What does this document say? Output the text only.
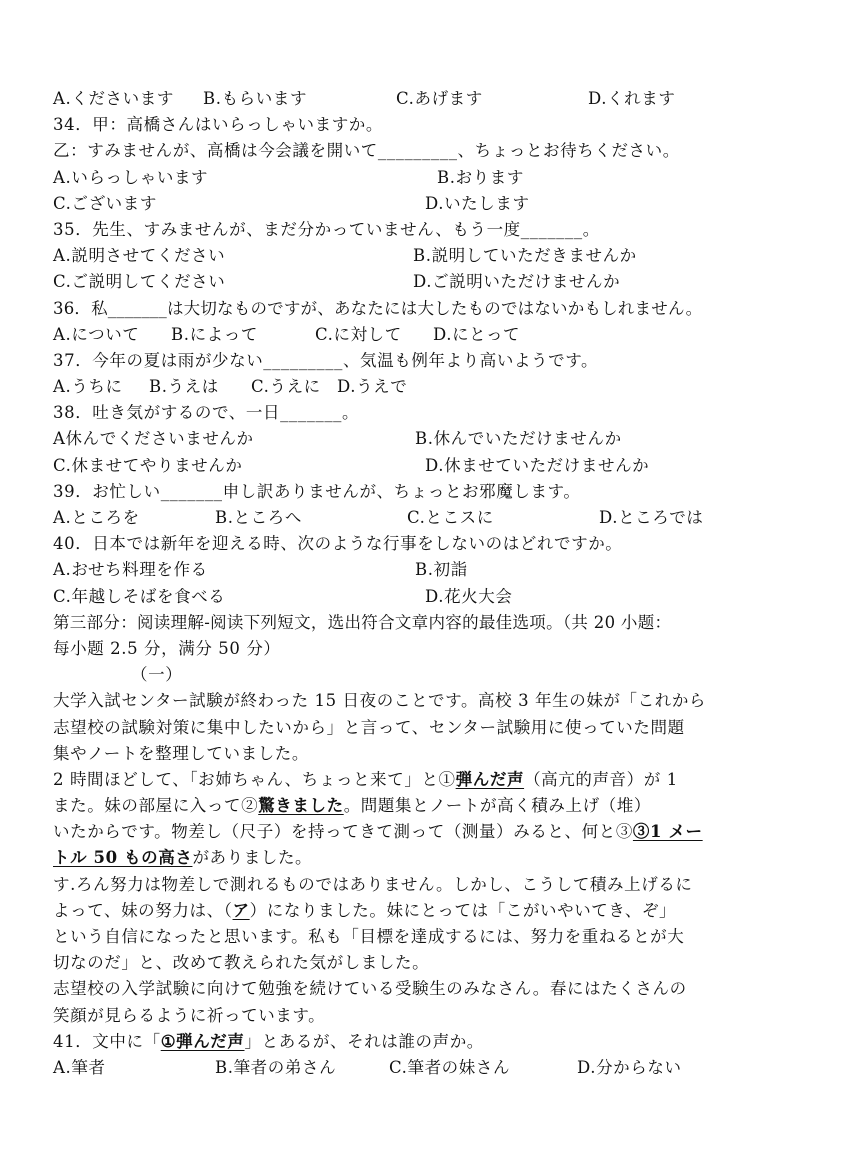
A.くださいます B.もらいます	C.あげます	D.くれます
34．甲：高橋さんはいらっしゃいますか。
乙：すみませんが、高橋は今会議を開いて_________、ちょっとお待ちください。
A.いらっしゃいます	B.おります
C.ございます	D.いたします
35．先生、すみませんが、まだ分かっていません、もう一度_______。
A.説明させてください	B.説明していただきませんか
C.ご説明してください	D.ご説明いただけませんか
36．私_______は大切なものですが、あなたには大したものではないかもしれません。
A.について B.によって	C.に対して D.にとって
37．今年の夏は雨が少ない_________、気温も例年より高いようです。
A.うちに B.うえは C.うえに D.うえで
38．吐き気がするので、一日_______。
A休んでくださいませんか	B.休んでいただけませんか
C.休ませてやりませんか	D.休ませていただけませんか
39．お忙しい_______申し訳ありませんが、ちょっとお邪魔します。
A.ところを	B.ところへ	C.とこスに	D.ところでは
40．日本では新年を迎える時、次のような行事をしないのはどれですか。
A.おせち料理を作る	B.初詣
C.年越しそばを食べる	D.花火大会
第三部分：阅读理解-阅读下列短文，选出符合文章内容的最佳选项。（共 20 小题：
每小题 2.5 分，满分 50 分）
（一）
大学入試センター試験が終わった 15 日夜のことです。高校 3 年生の妹が「これから
志望校の試験対策に集中したいから」と言って、センター試験用に使っていた問題
集やノートを整理していました。
2 時間ほどして、「お姉ちゃん、ちょっと来て」と①弾んだ声（高亢的声音）が 1
また。妹の部屋に入って②驚きました。問題集とノートが高く積み上げ（堆）
いたからです。物差し（尺子）を持ってきて測って（测量）みると、何と③③1 メー
トル 50 もの高さがありました。
す.ろん努力は物差しで測れるものではありません。しかし、こうして積み上げるに
よって、妹の努力は、（ア）になりました。妹にとっては「こがいやいてき、ぞ」
という自信になったと思います。私も「目標を達成するには、努力を重ねるとが大
切なのだ」と、改めて教えられた気がしました。
志望校の入学試験に向けて勉強を続けている受験生のみなさん。春にはたくさんの
笑顔が見らるように祈っています。
41．文中に「①弾んだ声」とあるが、それは誰の声か。
A.筆者	B.筆者の弟さん	C.筆者の妹さん	D.分からない
